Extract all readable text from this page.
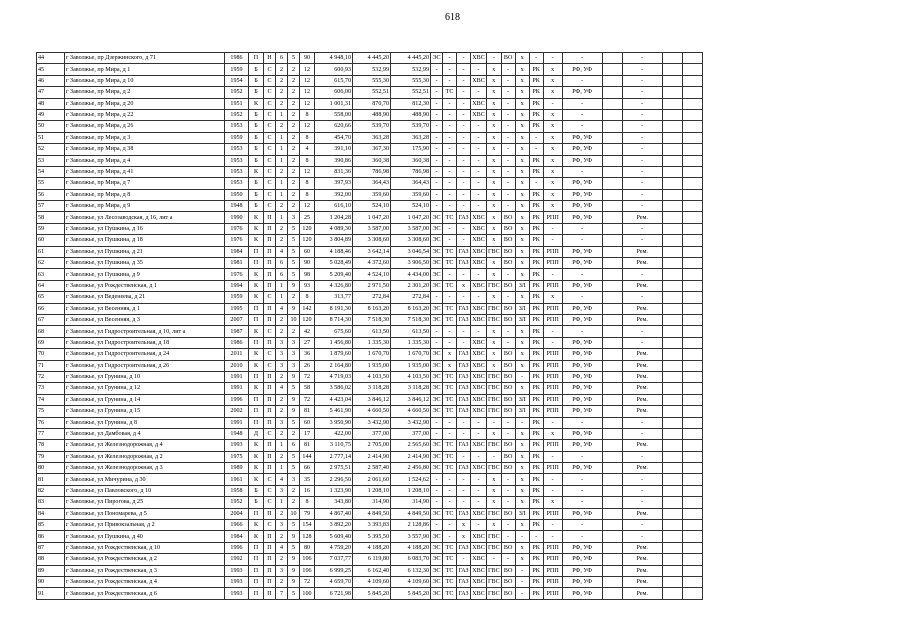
618
44	г Заволжье, пр Дзержинского, д 71	1986	П	Н	6	5	90	4 948,10	4 445,20	4 445,20	ЭС	-	-	ХВС	-	ВО	х	-	-	-		-		
45	г Заволжье, пр Мира, д 1	1959	Б	С	2	2	12	600,93	532,99	532,99	-	-	-	-	х	-	х	РК	х	РФ, УФ		-		
46	г Заволжье, пр Мира, д 10	1954	Б	С	2	2	12	615,70	555,30	555,30	-	-	-	ХВС	х	-	х	РК	х	-		-		
47	г Заволжье, пр Мира, д 2	1952	Б	С	2	2	12	606,00	552,51	552,51	-	ТС	-	-	х	-	х	РК	х	РФ, УФ		-		
48	г Заволжье, пр Мира, д 20	1951	К	С	2	2	12	1 001,31	870,70	812,30	-	-	-	ХВС	х	-	х	РК	-	-		-		
49	г Заволжье, пр Мира, д 22	1952	Б	С	1	2	8	558,00	488,90	488,90	-	-	-	ХВС	х	-	х	РК	х	-		-		
50	г Заволжье, пр Мира, д 26	1953	Б	С	2	2	12	620,66	539,70	539,70	-	-	-	-	х	-	х	РК	х	-		-		
51	г Заволжье, пр Мира, д 3	1959	Б	С	1	2	8	454,70	363,28	363,28	-	-	-	-	х	-	х	-	х	РФ, УФ		-		
52	г Заволжье, пр Мира, д 38	1953	Б	С	1	2	4	391,10	367,30	175,90	-	-	-	-	х	-	х	-	х	РФ, УФ		-		
53	г Заволжье, пр Мира, д 4	1953	Б	С	1	2	8	390,86	360,38	360,38	-	-	-	-	х	-	х	РК	х	РФ, УФ		-		
54	г Заволжье, пр Мира, д 41	1953	К	С	2	2	12	831,36	786,98	786,98	-	-	-	-	х	-	х	РК	х	-		-		
55	г Заволжье, пр Мира, д 7	1953	Б	С	1	2	8	397,93	364,43	364,43	-	-	-	-	х	-	х	-	х	РФ, УФ		-		
56	г Заволжье, пр Мира, д 8	1950	Б	С	1	2	8	392,00	359,60	359,60	-	-	-	-	х	-	х	РК	х	РФ, УФ		-		
57	г Заволжье, пр Мира, д 9	1948	Б	С	2	2	12	616,10	524,10	524,10	-	-	-	-	х	-	х	РК	х	РФ, УФ		-		
58	г Заволжье, ул Лесозаводская, д 16, лит а	1990	К	П	1	3	25	1 204,28	1 047,20	1 047,20	ЭС	ТС	ГАЗ	ХВС	х	ВО	х	РК	РПП	РФ, УФ		Рем.		
59	г Заволжье, ул Пушкина, д 16	1976	К	П	2	5	120	4 089,30	3 587,00	3 587,00	ЭС	-	-	ХВС	х	ВО	х	РК	-	-		-		
60	г Заволжье, ул Пушкина, д 18	1976	К	П	2	5	120	3 804,89	3 308,60	3 308,60	ЭС	-	-	ХВС	х	ВО	х	РК	-	-		-		
61	г Заволжье, ул Пушкина, д 21	1984	П	П	4	5	60	4 188,46	3 642,14	3 046,54	ЭС	ТС	ГАЗ	ХВС	ГВС	ВО	х	РК	РПП	РФ, УФ		Рем.		
62	г Заволжье, ул Пушкина, д 35	1981	П	П	6	5	90	5 028,49	4 372,60	3 906,50	ЭС	ТС	ГАЗ	ХВС	х	ВО	х	РК	РПП	РФ, УФ		Рем.		
63	г Заволжье, ул Пушкина, д 9	1976	К	П	6	5	98	5 209,40	4 524,10	4 434,00	ЭС	-	-	-	х	-	х	РК	-	-		-		
64	г Заволжье, ул Рождественская, д 1	1994	К	П	1	9	93	4 326,80	2 971,50	2 301,20	ЭС	ТС	х	ХВС	ГВС	ВО	ЗЛ	РК	РПП	РФ, УФ		Рем.		
65	г Заволжье, ул Веденеева, д 21	1959	К	С	1	2	8	313,77	272,84	272,84	-	-	-	-	х	-	х	РК	х	-		-		
66	г Заволжье, ул Весенняя, д 1	1995	П	П	4	9	142	8 191,30	8 163,20	8 163,20	ЭС	ТС	ГАЗ	ХВС	ГВС	ВО	ЗЛ	РК	РПП	РФ, УФ		Рем.		
67	г Заволжье, ул Весенняя, д 3	2007	П	П	2	10	120	8 714,30	7 518,30	7 518,30	ЭС	ТС	ГАЗ	ХВС	ГВС	ВО	ЗЛ	РК	РПП	РФ, УФ		Рем.		
68	г Заволжье, ул Гидростроительная, д 10, лит а	1987	К	С	2	2	42	675,60	613,50	613,50	-	-	-	-	х	-	х	РК	-	-		-		
69	г Заволжье, ул Гидростроительная, д 18	1986	П	П	3	3	27	1 456,80	1 335,30	1 335,30	-	-	-	ХВС	х	-	х	РК	-	РФ, УФ		-		
70	г Заволжье, ул Гидростроительная, д 24	2011	К	С	3	3	36	1 879,60	1 670,70	1 670,70	ЭС	х	ГАЗ	ХВС	х	ВО	х	РК	РПП	РФ, УФ		Рем.		
71	г Заволжье, ул Гидростроительная, д 26	2010	К	С	3	3	26	2 164,80	1 935,00	1 935,00	ЭС	х	ГАЗ	ХВС	х	ВО	х	РК	РПП	РФ, УФ		Рем.		
72	г Заволжье, ул Грунина, д 10	1991	П	П	2	9	72	4 719,03	4 103,50	4 103,50	ЭС	ТС	ГАЗ	ХВС	ГВС	ВО	-	РК	РПП	РФ, УФ		Рем.		
73	г Заволжье, ул Грунина, д 12	1991	К	П	4	5	58	3 586,02	3 118,28	3 118,28	ЭС	ТС	ГАЗ	ХВС	ГВС	ВО	х	РК	РПП	РФ, УФ		Рем.		
74	г Заволжье, ул Грунина, д 14	1996	П	П	2	9	72	4 423,04	3 846,12	3 846,12	ЭС	ТС	ГАЗ	ХВС	ГВС	ВО	ЗЛ	РК	РПП	РФ, УФ		Рем.		
75	г Заволжье, ул Грунина, д 15	2002	П	П	2	9	81	5 461,90	4 660,50	4 660,50	ЭС	ТС	ГАЗ	ХВС	ГВС	ВО	ЗЛ	РК	РПП	РФ, УФ		Рем.		
76	г Заволжье, ул Грунина, д 8	1991	П	П	3	5	60	3 950,90	3 432,90	3 432,90	-	-	-	-	-	-	-	РК	-	-		-		
77	г Заволжье, ул Дамбовая, д 4	1948	Д	С	2	2	17	422,00	377,00	377,00	-	-	-	-	х	-	х	РК	х	РФ, УФ		-		
78	г Заволжье, ул Железнодорожная, д 4	1993	К	П	1	6	81	3 110,75	2 705,00	2 565,60	ЭС	ТС	ГАЗ	ХВС	ГВС	ВО	х	РК	РПП	РФ, УФ		Рем.		
79	г Заволжье, ул Железнодорожная, д 2	1975	К	П	2	5	144	2 777,14	2 414,90	2 414,90	ЭС	ТС	-	-	-	ВО	х	РК	-	-		-		
80	г Заволжье, ул Железнодорожная, д 3	1989	К	П	1	5	66	2 975,51	2 587,40	2 456,80	ЭС	ТС	ГАЗ	ХВС	ГВС	ВО	х	РК	РПП	РФ, УФ		Рем.		
81	г Заволжье, ул Мичурина, д 30	1961	К	С	4	3	35	2 296,50	2 061,60	1 524,62	-	-	-	-	х	-	х	РК	-	-		-		
82	г Заволжье, ул Павловского, д 10	1958	Б	С	3	2	16	1 323,90	1 208,10	1 208,10	-	-	-	-	х	-	х	РК	-	-		-		
83	г Заволжье, ул Пирогова, д 25	1952	Б	С	1	2	8	343,80	314,90	314,90	-	-	-	-	х	-	х	РК	х	-		-		
84	г Заволжье, ул Пономарева, д 5	2004	П	П	2	10	79	4 867,40	4 849,50	4 849,50	ЭС	ТС	ГАЗ	ХВС	ГВС	ВО	ЗЛ	РК	РПП	РФ, УФ		Рем.		
85	г Заволжье, ул Привокзальная, д 2	1966	К	С	3	5	154	3 892,20	3 393,83	2 128,86	-	-	х	-	х	-	х	РК	-	-		-		
86	г Заволжье, ул Пушкина, д 40	1984	К	П	2	9	128	5 609,40	5 395,50	3 557,90	ЭС	-	х	ХВС	ГВС	-	-	-	-	-		-		
87	г Заволжье, ул Рождественская, д 10	1996	П	П	4	5	80	4 759,20	4 188,20	4 188,20	ЭС	ТС	ГАЗ	ХВС	ГВС	ВО	х	РК	РПП	РФ, УФ		Рем.		
88	г Заволжье, ул Рождественская, д 2	1992	П	П	2	9	106	7 037,77	6 119,80	6 083,70	ЭС	ТС	-	ХВС	-	-	х	РК	РПП	РФ, УФ		Рем.		
89	г Заволжье, ул Рождественская, д 3	1993	П	П	3	9	106	6 999,25	6 162,40	6 132,30	ЭС	ТС	ГАЗ	ХВС	ГВС	ВО	-	РК	РПП	РФ, УФ		Рем.		
90	г Заволжье, ул Рождественская, д 4	1993	П	П	2	9	72	4 659,70	4 109,60	4 109,60	ЭС	ТС	ГАЗ	ХВС	ГВС	ВО	-	РК	РПП	РФ, УФ		Рем.		
91	г Заволжье, ул Рождественская, д 6	1993	П	П	7	5	100	6 721,98	5 845,20	5 845,20	ЭС	ТС	ГАЗ	ХВС	ГВС	ВО	-	РК	РПП	РФ, УФ		Рем.		
